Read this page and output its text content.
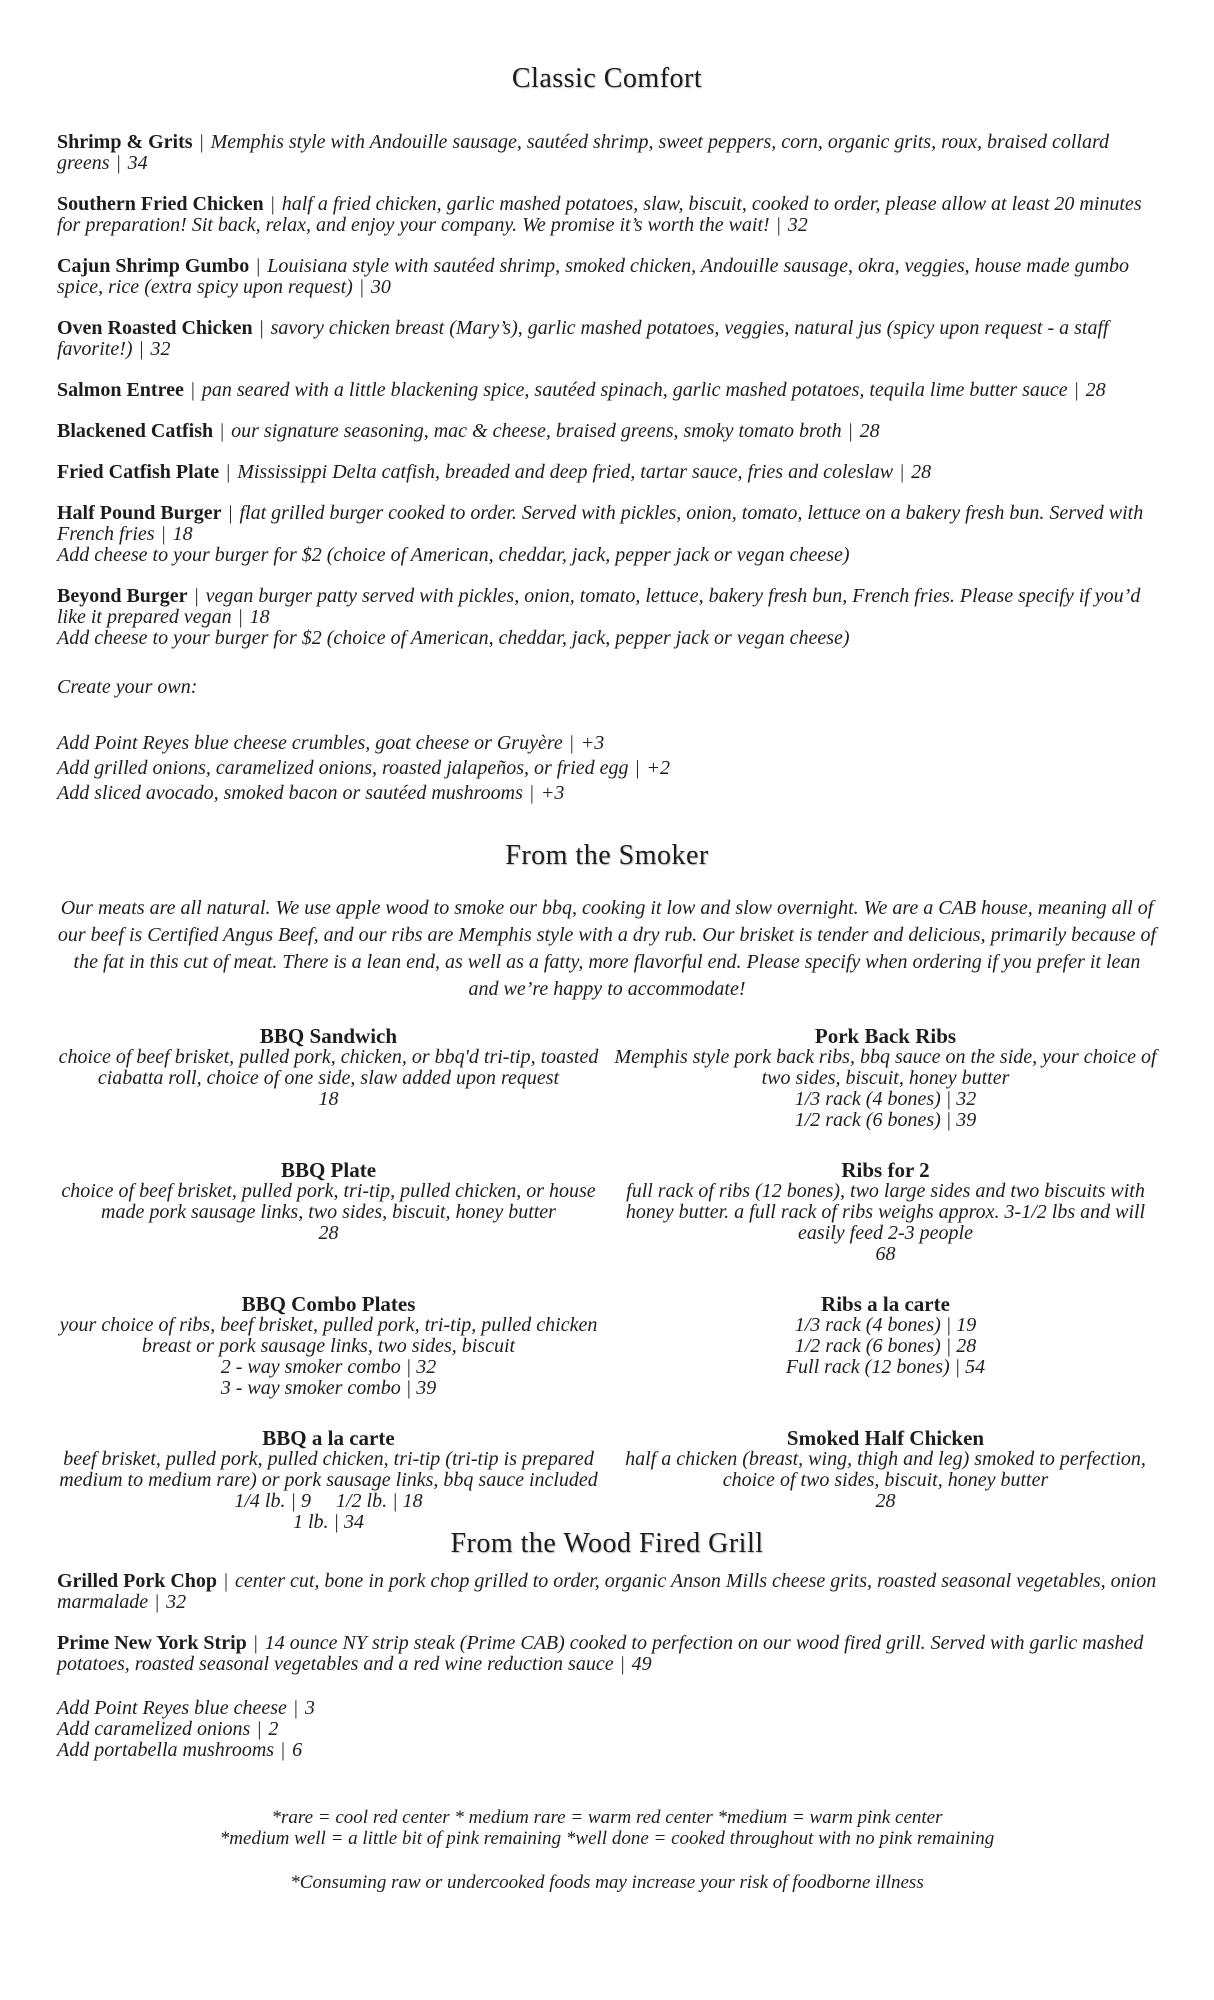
Classic Comfort

Shrimp & Grits | Memphis style with Andouille sausage, sautéed shrimp, sweet peppers, corn, organic grits, roux, braised collard greens | 34

Southern Fried Chicken | half a fried chicken, garlic mashed potatoes, slaw, biscuit, cooked to order, please allow at least 20 minutes for preparation! Sit back, relax, and enjoy your company. We promise it’s worth the wait! | 32

Cajun Shrimp Gumbo | Louisiana style with sautéed shrimp, smoked chicken, Andouille sausage, okra, veggies, house made gumbo spice, rice (extra spicy upon request) | 30

Oven Roasted Chicken | savory chicken breast (Mary’s), garlic mashed potatoes, veggies, natural jus (spicy upon request - a staff favorite!) | 32

Salmon Entree | pan seared with a little blackening spice, sautéed spinach, garlic mashed potatoes, tequila lime butter sauce | 28

Blackened Catfish | our signature seasoning, mac & cheese, braised greens, smoky tomato broth | 28

Fried Catfish Plate | Mississippi Delta catfish, breaded and deep fried, tartar sauce, fries and coleslaw | 28

Half Pound Burger | flat grilled burger cooked to order. Served with pickles, onion, tomato, lettuce on a bakery fresh bun. Served with French fries | 18

Add cheese to your burger for $2 (choice of American, cheddar, jack, pepper jack or vegan cheese)

Beyond Burger | vegan burger patty served with pickles, onion, tomato, lettuce, bakery fresh bun, French fries. Please specify if you’d like it prepared vegan | 18

Add cheese to your burger for $2 (choice of American, cheddar, jack, pepper jack or vegan cheese)

Create your own:

Add Point Reyes blue cheese crumbles, goat cheese or Gruyère | +3

Add grilled onions, caramelized onions, roasted jalapeños, or fried egg | +2

Add sliced avocado, smoked bacon or sautéed mushrooms | +3

From the Smoker

Our meats are all natural. We use apple wood to smoke our bbq, cooking it low and slow overnight. We are a CAB house, meaning all of our beef is Certified Angus Beef, and our ribs are Memphis style with a dry rub. Our brisket is tender and delicious, primarily because of the fat in this cut of meat. There is a lean end, as well as a fatty, more flavorful end. Please specify when ordering if you prefer it lean and we’re happy to accommodate!

BBQ Sandwich
choice of beef brisket, pulled pork, chicken, or bbq'd tri-tip, toasted ciabatta roll, choice of one side, slaw added upon request
18
Pork Back Ribs
Memphis style pork back ribs, bbq sauce on the side, your choice of two sides, biscuit, honey butter
1/3 rack (4 bones) | 32
1/2 rack (6 bones) | 39
BBQ Plate
choice of beef brisket, pulled pork, tri-tip, pulled chicken, or house made pork sausage links, two sides, biscuit, honey butter
28
Ribs for 2
full rack of ribs (12 bones), two large sides and two biscuits with honey butter. a full rack of ribs weighs approx. 3-1/2 lbs and will easily feed 2-3 people
68
BBQ Combo Plates
your choice of ribs, beef brisket, pulled pork, tri-tip, pulled chicken breast or pork sausage links, two sides, biscuit
2 - way smoker combo | 32
3 - way smoker combo | 39
Ribs a la carte
1/3 rack (4 bones) | 19
1/2 rack (6 bones) | 28
Full rack (12 bones) | 54
BBQ a la carte
beef brisket, pulled pork, pulled chicken, tri-tip (tri-tip is prepared medium to medium rare) or pork sausage links, bbq sauce included
1/4 lb. | 9     1/2 lb. | 18
1 lb. | 34
Smoked Half Chicken
half a chicken (breast, wing, thigh and leg) smoked to perfection, choice of two sides, biscuit, honey butter
28
From the Wood Fired Grill

Grilled Pork Chop | center cut, bone in pork chop grilled to order, organic Anson Mills cheese grits, roasted seasonal vegetables, onion marmalade | 32

Prime New York Strip | 14 ounce NY strip steak (Prime CAB) cooked to perfection on our wood fired grill. Served with garlic mashed potatoes, roasted seasonal vegetables and a red wine reduction sauce | 49

Add Point Reyes blue cheese | 3

Add caramelized onions | 2

Add portabella mushrooms | 6

*rare = cool red center * medium rare = warm red center *medium = warm pink center

*medium well = a little bit of pink remaining *well done = cooked throughout with no pink remaining

*Consuming raw or undercooked foods may increase your risk of foodborne illness
